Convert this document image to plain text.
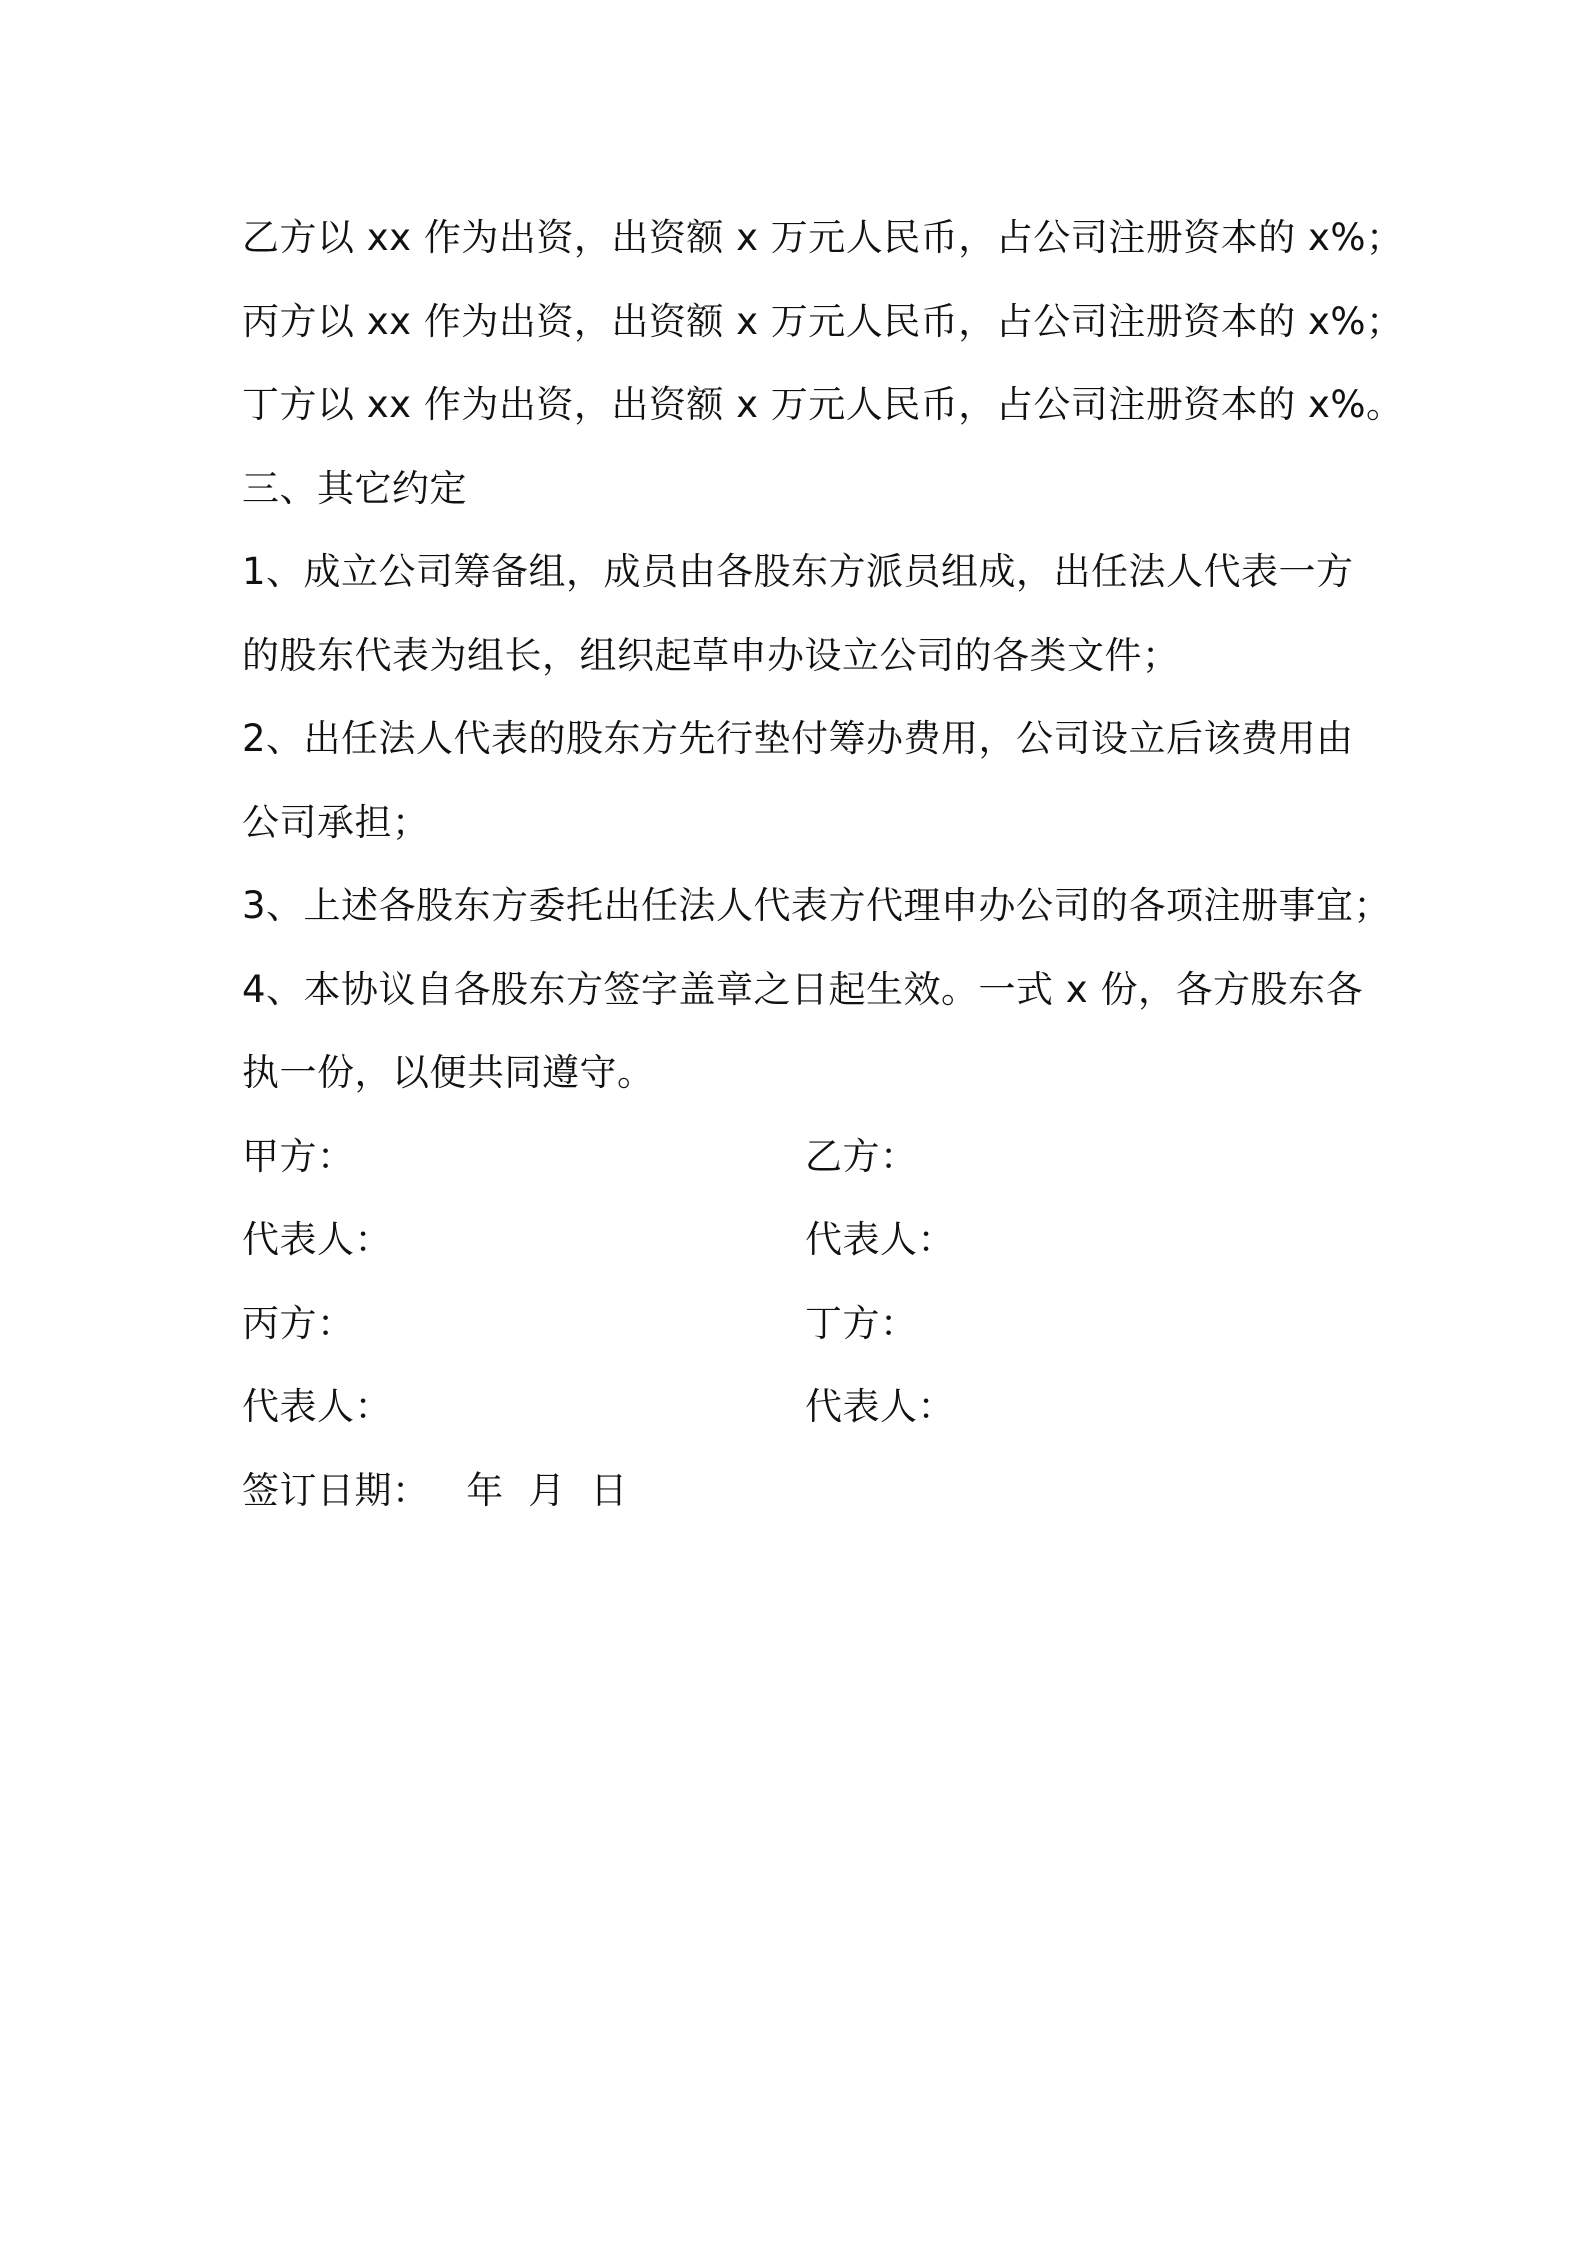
乙方以 xx 作为出资，出资额 x 万元人民币，占公司注册资本的 x%；
丙方以 xx 作为出资，出资额 x 万元人民币，占公司注册资本的 x%；
丁方以 xx 作为出资，出资额 x 万元人民币，占公司注册资本的 x%。
三、其它约定
1、成立公司筹备组，成员由各股东方派员组成，出任法人代表一方
的股东代表为组长，组织起草申办设立公司的各类文件；
2、出任法人代表的股东方先行垫付筹办费用，公司设立后该费用由
公司承担；
3、上述各股东方委托出任法人代表方代理申办公司的各项注册事宜；
4、本协议自各股东方签字盖章之日起生效。一式 x 份，各方股东各
执一份，以便共同遵守。
甲方：	乙方：
代表人：	代表人：
丙方：	丁方：
代表人：	代表人：
签订日期：   年  月  日
